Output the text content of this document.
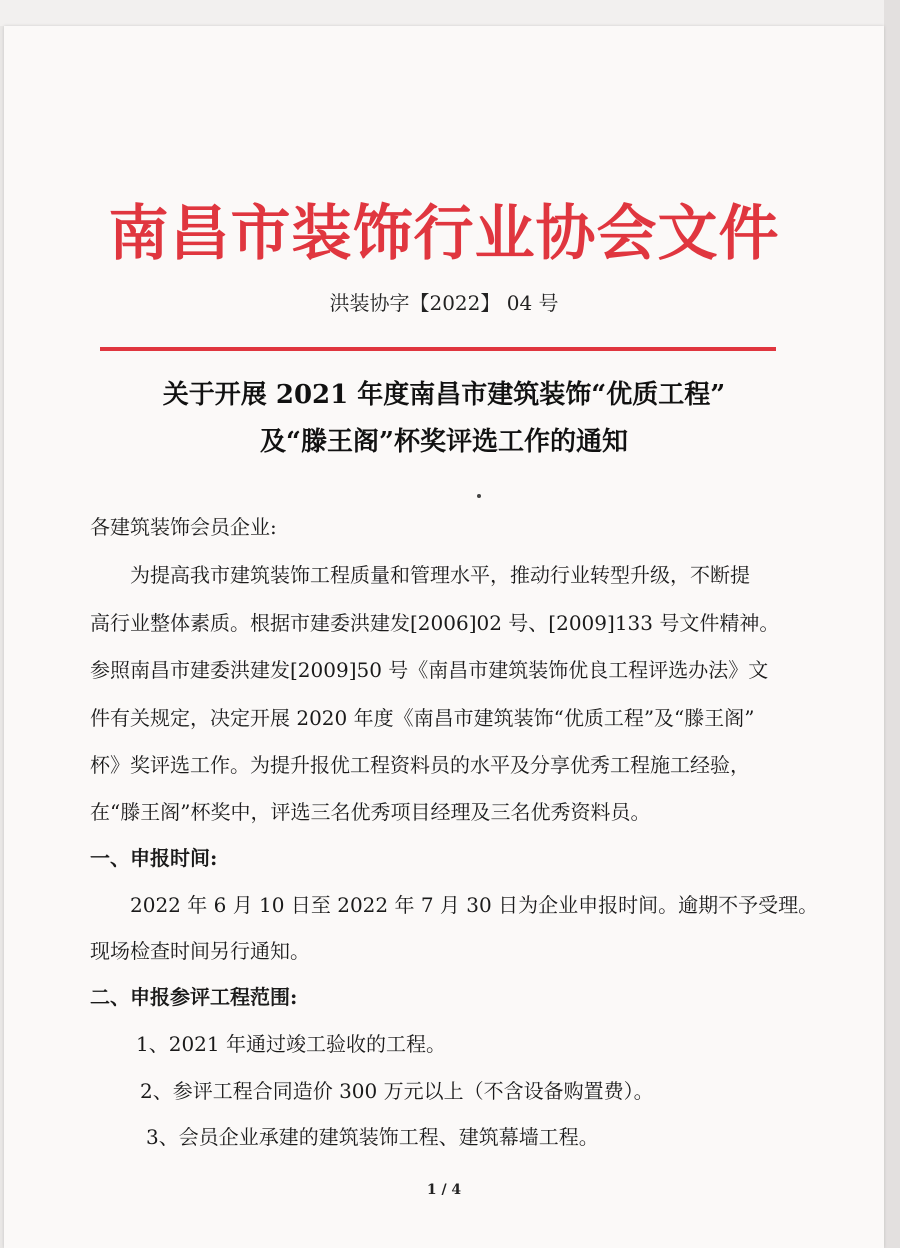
南昌市装饰行业协会文件
洪装协字【2022】 04 号
关于开展 2021 年度南昌市建筑装饰“优质工程”
及“滕王阁”杯奖评选工作的通知
各建筑装饰会员企业:
为提高我市建筑装饰工程质量和管理水平，推动行业转型升级，不断提
高行业整体素质。根据市建委洪建发[2006]02 号、[2009]133 号文件精神。
参照南昌市建委洪建发[2009]50 号《南昌市建筑装饰优良工程评选办法》文
件有关规定，决定开展 2020 年度《南昌市建筑装饰“优质工程”及“滕王阁”
杯》奖评选工作。为提升报优工程资料员的水平及分享优秀工程施工经验，
在“滕王阁”杯奖中，评选三名优秀项目经理及三名优秀资料员。
一、申报时间:
2022 年 6 月 10 日至 2022 年 7 月 30 日为企业申报时间。逾期不予受理。
现场检查时间另行通知。
二、申报参评工程范围:
1、2021 年通过竣工验收的工程。
2、参评工程合同造价 300 万元以上（不含设备购置费）。
3、会员企业承建的建筑装饰工程、建筑幕墙工程。
1 / 4
